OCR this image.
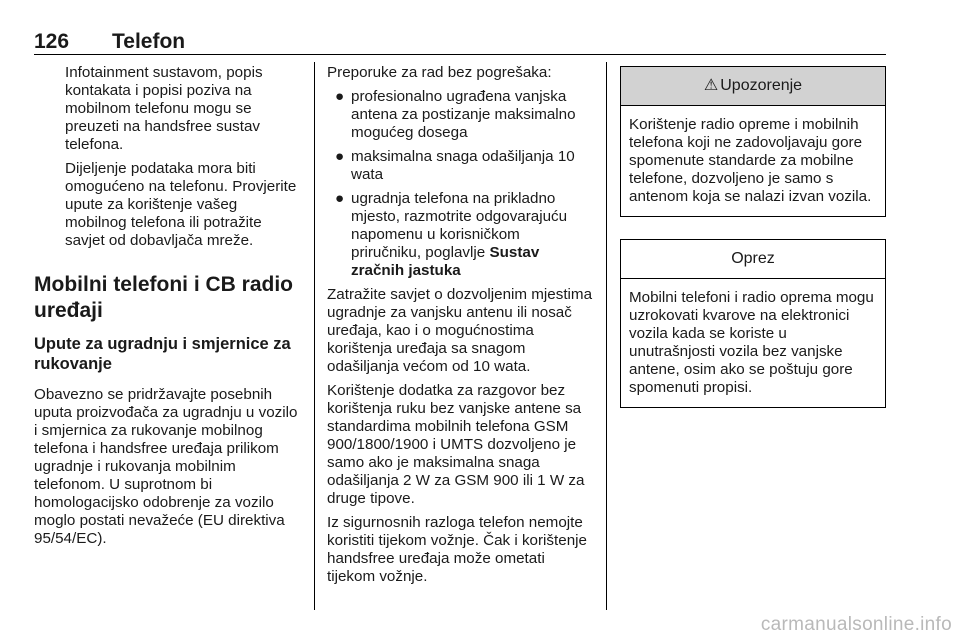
126 Telefon

Infotainment sustavom, popis kontakata i popisi poziva na mobilnom telefonu mogu se preuzeti na handsfree sustav telefona.

Dijeljenje podataka mora biti omogućeno na telefonu. Provjerite upute za korištenje vašeg mobilnog telefona ili potražite savjet od dobavljača mreže.

Mobilni telefoni i CB radio uređaji
Upute za ugradnju i smjernice za rukovanje

Obavezno se pridržavajte posebnih uputa proizvođača za ugradnju u vozilo i smjernica za rukovanje mobilnog telefona i handsfree uređaja prilikom ugradnje i rukovanja mobilnim telefonom. U suprotnom bi homologacijsko odobrenje za vozilo moglo postati nevažeće (EU direktiva 95/54/EC).

Preporuke za rad bez pogrešaka:

● profesionalno ugrađena vanjska antena za postizanje maksimalno mogućeg dosega
● maksimalna snaga odašiljanja 10 wata
● ugradnja telefona na prikladno mjesto, razmotrite odgovarajuću napomenu u korisničkom priručniku, poglavlje Sustav zračnih jastuka

Zatražite savjet o dozvoljenim mjestima ugradnje za vanjsku antenu ili nosač uređaja, kao i o mogućnostima korištenja uređaja sa snagom odašiljanja većom od 10 wata.

Korištenje dodatka za razgovor bez korištenja ruku bez vanjske antene sa standardima mobilnih telefona GSM 900/1800/1900 i UMTS dozvoljeno je samo ako je maksimalna snaga odašiljanja 2 W za GSM 900 ili 1 W za druge tipove.

Iz sigurnosnih razloga telefon nemojte koristiti tijekom vožnje. Čak i korištenje handsfree uređaja može ometati tijekom vožnje.

⚠ Upozorenje
Korištenje radio opreme i mobilnih telefona koji ne zadovoljavaju gore spomenute standarde za mobilne telefone, dozvoljeno je samo s antenom koja se nalazi izvan vozila.
Oprez
Mobilni telefoni i radio oprema mogu uzrokovati kvarove na elektronici vozila kada se koriste u unutrašnjosti vozila bez vanjske antene, osim ako se poštuju gore spomenuti propisi.
carmanualsonline.info
